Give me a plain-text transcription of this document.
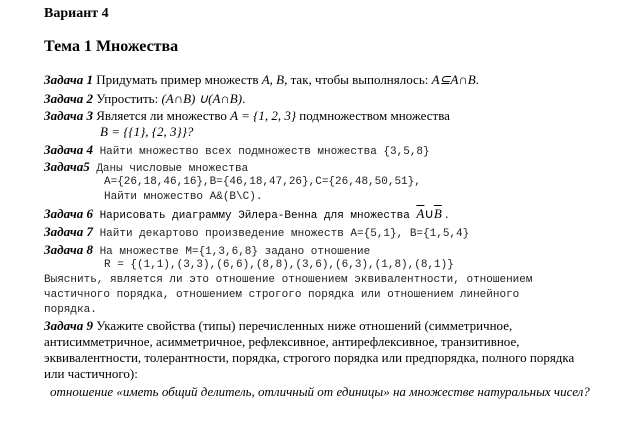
Вариант 4
Тема 1 Множества
Задача 1 Придумать пример множеств A, B, так, чтобы выполнялось: A⊆A∩B.
Задача 2 Упростить: (A∩B) ∪(A∩B).
Задача 3 Является ли множество A = {1, 2, 3} подмножеством множества
B = {{1}, {2, 3}}?
Задача 4 Найти множество всех подмножеств множества {3,5,8}
Задача5 Даны числовые множества
A={26,18,46,16},B={46,18,47,26},C={26,48,50,51},
Найти множество A&(B\C).
Задача 6 Нарисовать диаграмму Эйлера-Венна для множества $\overline{A}\cup\overline{B}$ .
Задача 7 Найти декартово произведение множеств A={5,1}, B={1,5,4}
Задача 8 На множестве M={1,3,6,8} задано отношение
R = {(1,1),(3,3),(6,6),(8,8),(3,6),(6,3),(1,8),(8,1)}
Выяснить, является ли это отношение отношением эквивалентности, отношением
частичного порядка, отношением строгого порядка или отношением линейного
порядка.
Задача 9 Укажите свойства (типы) перечисленных ниже отношений (симметричное,
антисимметричное, асимметричное, рефлексивное, антирефлексивное, транзитивное,
эквивалентности, толерантности, порядка, строгого порядка или предпорядка, полного порядка
или частичного):
отношение «иметь общий делитель, отличный от единицы» на множестве натуральных чисел?
